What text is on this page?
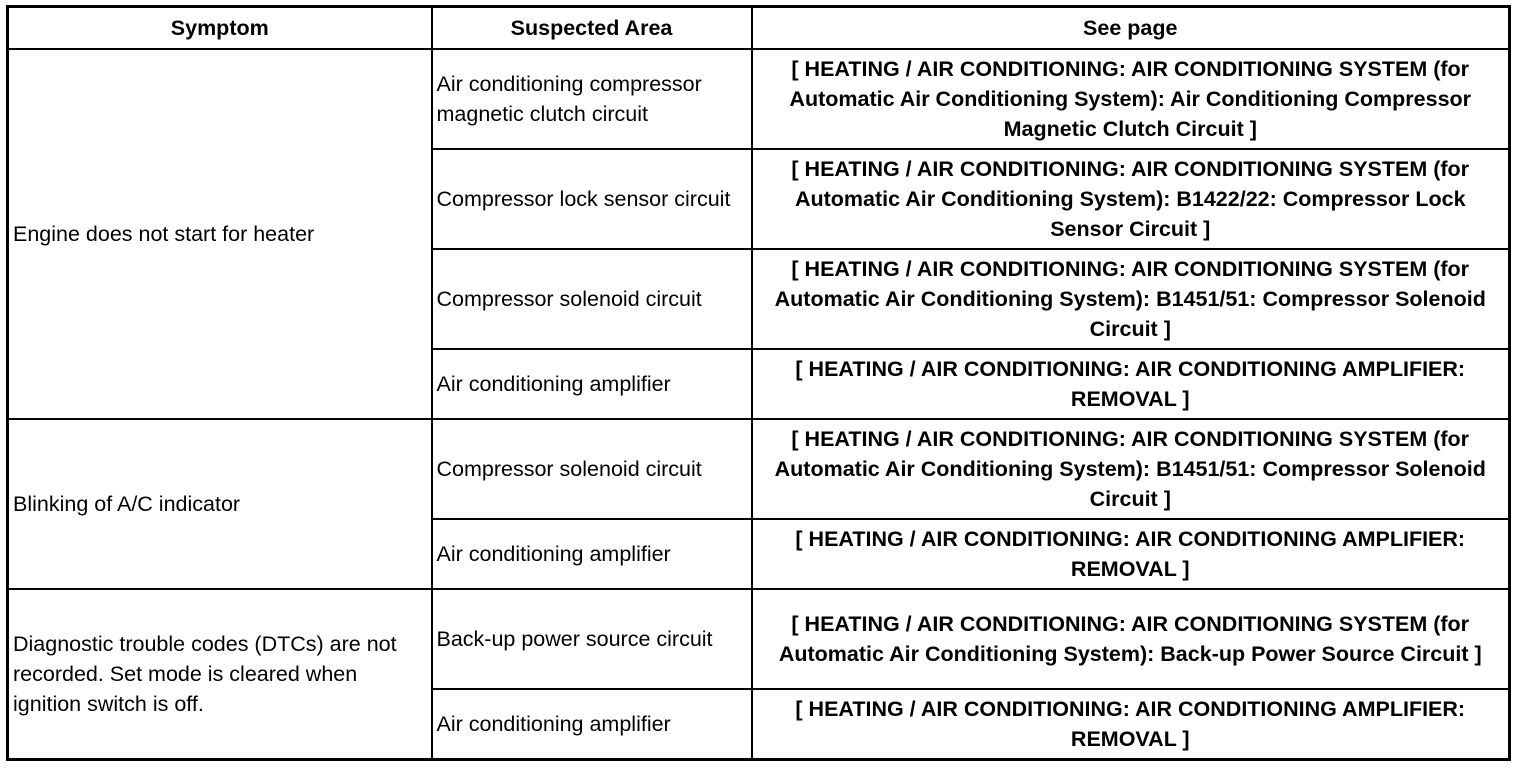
Symptom	Suspected Area	See page
Engine does not start for heater	Air conditioning compressor magnetic clutch circuit	[ HEATING / AIR CONDITIONING: AIR CONDITIONING SYSTEM (for Automatic Air Conditioning System): Air Conditioning Compressor Magnetic Clutch Circuit ]
	Compressor lock sensor circuit	[ HEATING / AIR CONDITIONING: AIR CONDITIONING SYSTEM (for Automatic Air Conditioning System): B1422/22: Compressor Lock Sensor Circuit ]
	Compressor solenoid circuit	[ HEATING / AIR CONDITIONING: AIR CONDITIONING SYSTEM (for Automatic Air Conditioning System): B1451/51: Compressor Solenoid Circuit ]
	Air conditioning amplifier	[ HEATING / AIR CONDITIONING: AIR CONDITIONING AMPLIFIER: REMOVAL ]
Blinking of A/C indicator	Compressor solenoid circuit	[ HEATING / AIR CONDITIONING: AIR CONDITIONING SYSTEM (for Automatic Air Conditioning System): B1451/51: Compressor Solenoid Circuit ]
	Air conditioning amplifier	[ HEATING / AIR CONDITIONING: AIR CONDITIONING AMPLIFIER: REMOVAL ]
Diagnostic trouble codes (DTCs) are not recorded. Set mode is cleared when ignition switch is off.	Back-up power source circuit	[ HEATING / AIR CONDITIONING: AIR CONDITIONING SYSTEM (for Automatic Air Conditioning System): Back-up Power Source Circuit ]
	Air conditioning amplifier	[ HEATING / AIR CONDITIONING: AIR CONDITIONING AMPLIFIER: REMOVAL ]
